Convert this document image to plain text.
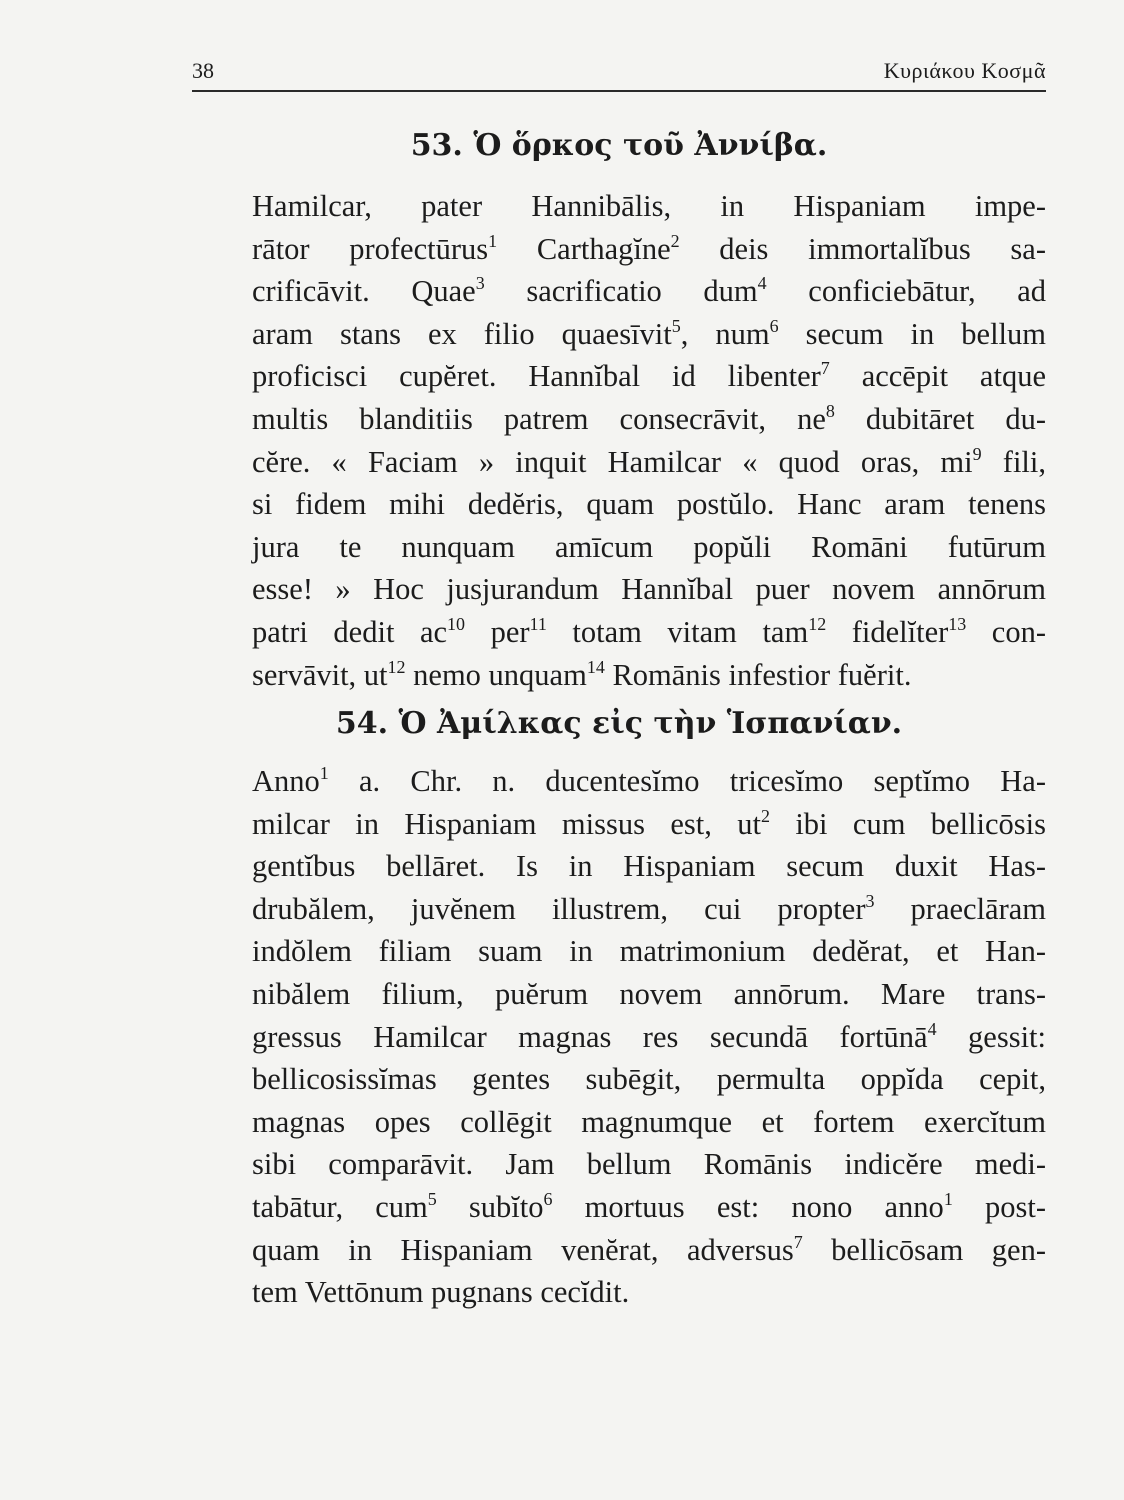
38	Κυριάκου Κοσμᾶ
53. Ὁ ὅρκος τοῦ Ἀννίβα.
Hamilcar, pater Hannibālis, in Hispaniam impe-
rātor profectūrus$^1$ Carthagĭne$^2$ deis immortalĭbus sa-
crificāvit. Quae$^3$ sacrificatio dum$^4$ conficiebātur, ad
aram stans ex filio quaesīvit$^5$, num$^6$ secum in bellum
proficisci cupĕret. Hannĭbal id libenter$^7$ accēpit atque
multis blanditiis patrem consecrāvit, $ne^8$ dubitāret du-
cĕre. « Faciam » inquit Hamilcar « quod oras, $mi^9$ fili,
si fidem mihi dedĕris, quam postŭlo. Hanc aram tenens
jura te nunquam amīcum popŭli Romāni futūrum
esse! » Hoc jusjurandum Hannĭbal puer novem annōrum
patri dedit $ac^{10}$ per$^{11}$ totam vitam tam$^{12}$ fidelĭter$^{13}$ con-
servāvit, $ut^{12}$ nemo unquam$^{14}$ Romānis infestior fuĕrit.
54. Ὁ Ἀμίλκας εἰς τὴν Ἱσπανίαν.
Anno$^1$ a. Chr. n. ducentesĭmo tricesĭmo septĭmo Ha-
milcar in Hispaniam missus est, $ut^2$ ibi cum bellicōsis
gentĭbus bellāret. Is in Hispaniam secum duxit Has-
drubălem, juvĕnem illustrem, cui propter$^3$ praeclāram
indŏlem filiam suam in matrimonium dedĕrat, et Han-
nibălem filium, puĕrum novem annōrum. Mare trans-
gressus Hamilcar magnas res secundā fortūnā$^4$ gessit:
bellicosissĭmas gentes subēgit, permulta oppĭda cepit,
magnas opes collēgit magnumque et fortem exercĭtum
sibi comparāvit. Jam bellum Romānis indicĕre medi-
tabātur, cum$^5$ subĭto$^6$ mortuus est: nono anno$^1$ post-
quam in Hispaniam venĕrat, adversus$^7$ bellicōsam gen-
tem Vettōnum pugnans cecĭdit.
